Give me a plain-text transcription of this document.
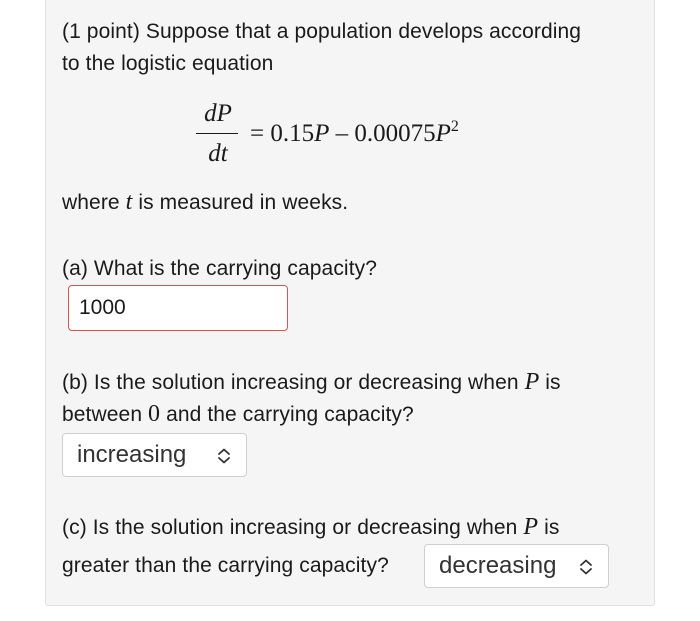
(1 point) Suppose that a population develops according
to the logistic equation
dP
dt
= $0.15P - 0.00075P^2$
where t is measured in weeks.
(a) What is the carrying capacity?
1000
(b) Is the solution increasing or decreasing when P is
between 0 and the carrying capacity?
increasing
(c) Is the solution increasing or decreasing when P is
greater than the carrying capacity?	decreasing
